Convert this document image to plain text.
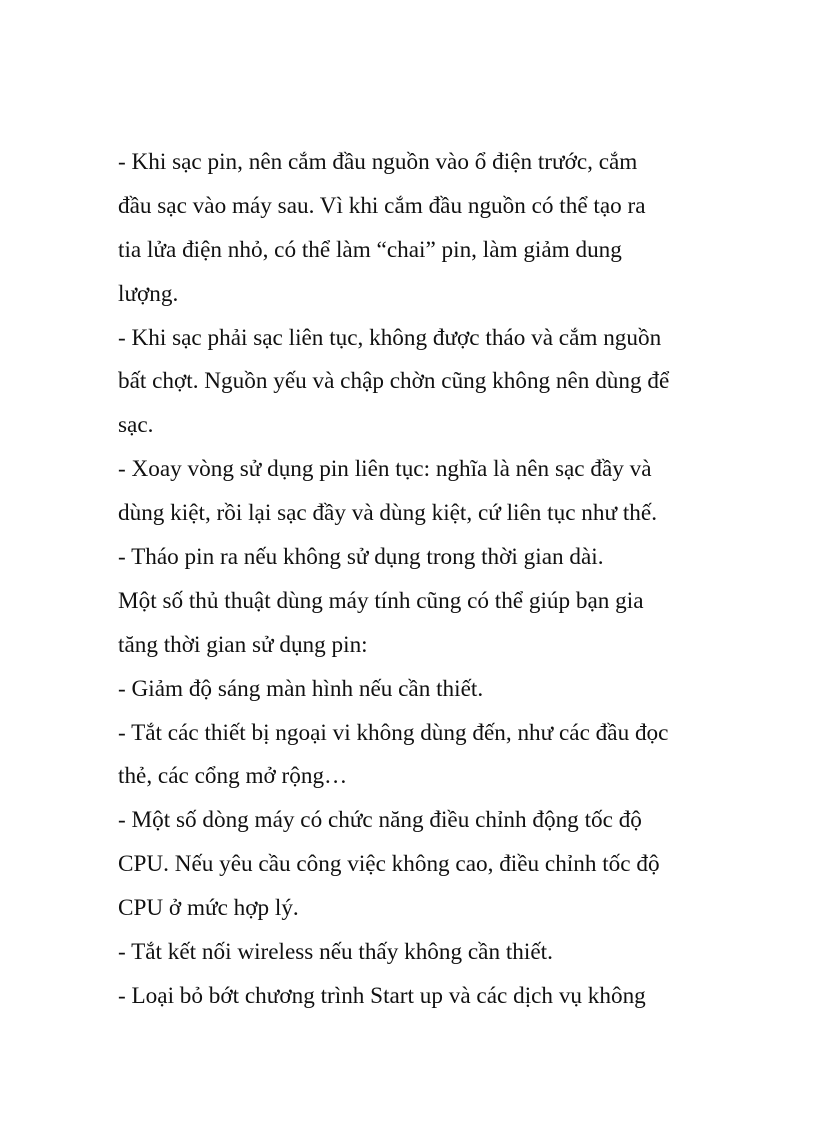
- Khi sạc pin, nên cắm đầu nguồn vào ổ điện trước, cắm
đầu sạc vào máy sau. Vì khi cắm đầu nguồn có thể tạo ra
tia lửa điện nhỏ, có thể làm “chai” pin, làm giảm dung
lượng.
- Khi sạc phải sạc liên tục, không được tháo và cắm nguồn
bất chợt. Nguồn yếu và chập chờn cũng không nên dùng để
sạc.
- Xoay vòng sử dụng pin liên tục: nghĩa là nên sạc đầy và
dùng kiệt, rồi lại sạc đầy và dùng kiệt, cứ liên tục như thế.
- Tháo pin ra nếu không sử dụng trong thời gian dài.
Một số thủ thuật dùng máy tính cũng có thể giúp bạn gia
tăng thời gian sử dụng pin:
- Giảm độ sáng màn hình nếu cần thiết.
- Tắt các thiết bị ngoại vi không dùng đến, như các đầu đọc
thẻ, các cổng mở rộng…
- Một số dòng máy có chức năng điều chỉnh động tốc độ
CPU. Nếu yêu cầu công việc không cao, điều chỉnh tốc độ
CPU ở mức hợp lý.
- Tắt kết nối wireless nếu thấy không cần thiết.
- Loại bỏ bớt chương trình Start up và các dịch vụ không
